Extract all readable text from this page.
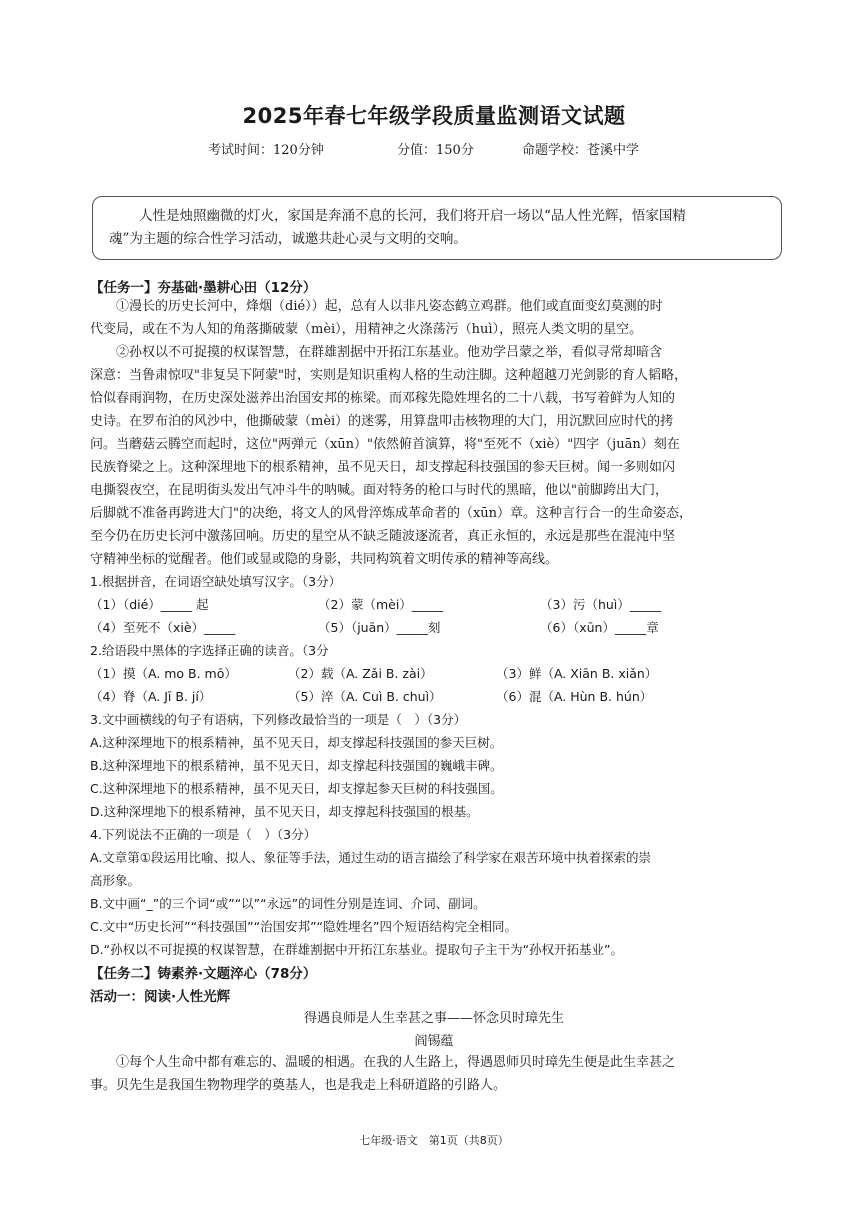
2025年春七年级学段质量监测语文试题
考试时间：120分钟	分值：150分	命题学校：苍溪中学

人性是烛照幽微的灯火，家国是奔涌不息的长河，我们将开启一场以“品人性光辉，悟家国精

魂”为主题的综合性学习活动，诚邀共赴心灵与文明的交响。

【任务一】夯基础·墨耕心田（12分）
①漫长的历史长河中，烽烟（dié））起，总有人以非凡姿态鹤立鸡群。他们或直面变幻莫测的时
代变局，或在不为人知的角落撕破蒙（mèi），用精神之火涤荡污（huì），照亮人类文明的星空。
②孙权以不可捉摸的权谋智慧，在群雄割据中开拓江东基业。他劝学吕蒙之举，看似寻常却暗含
深意：当鲁肃惊叹"非复吴下阿蒙"时，实则是知识重构人格的生动注脚。这种超越刀光剑影的育人韬略，
恰似春雨润物，在历史深处滋养出治国安邦的栋梁。而邓稼先隐姓埋名的二十八载，书写着鲜为人知的
史诗。在罗布泊的风沙中，他撕破蒙（mèi）的迷雾，用算盘叩击核物理的大门，用沉默回应时代的拷
问。当蘑菇云腾空而起时，这位"两弹元（xūn）"依然俯首演算，将"至死不（xiè）"四字（juān）刻在
民族脊梁之上。这种深埋地下的根系精神，虽不见天日，却支撑起科技强国的参天巨树。闻一多则如闪
电撕裂夜空，在昆明街头发出气冲斗牛的呐喊。面对特务的枪口与时代的黑暗，他以"前脚跨出大门，
后脚就不准备再跨进大门"的决绝，将文人的风骨淬炼成革命者的（xūn）章。这种言行合一的生命姿态，
至今仍在历史长河中激荡回响。历史的星空从不缺乏随波逐流者，真正永恒的，永远是那些在混沌中坚
守精神坐标的觉醒者。他们或显或隐的身影，共同构筑着文明传承的精神等高线。
1.根据拼音，在词语空缺处填写汉字。（3分）
（1）（dié）_____ 起	（2）蒙（mèi）_____	（3）污（huì）_____
（4）至死不（xiè）_____	（5）（juān）_____刻	（6）（xūn）_____章
2.给语段中黑体的字选择正确的读音。（3分
（1）摸（A. mo B. mō）	（2）载（A. Zǎi B. zài）	（3）鲜（A. Xiān B. xiǎn）
（4）脊（A. Jī B. jí）	（5）淬（A. Cuì B. chuì）	（6）混（A. Hùn B. hún）
3.文中画横线的句子有语病，下列修改最恰当的一项是（　）（3分）
A.这种深埋地下的根系精神，虽不见天日，却支撑起科技强国的参天巨树。
B.这种深埋地下的根系精神，虽不见天日，却支撑起科技强国的巍峨丰碑。
C.这种深埋地下的根系精神，虽不见天日，却支撑起参天巨树的科技强国。
D.这种深埋地下的根系精神，虽不见天日，却支撑起科技强国的根基。
4.下列说法不正确的一项是（　）（3分）
A.文章第①段运用比喻、拟人、象征等手法，通过生动的语言描绘了科学家在艰苦环境中执着探索的崇
高形象。
B.文中画“_”的三个词“或”“以”“永远”的词性分别是连词、介词、副词。
C.文中“历史长河”“科技强国”“治国安邦”“隐姓埋名”四个短语结构完全相同。
D.“孙权以不可捉摸的权谋智慧，在群雄割据中开拓江东基业。提取句子主干为“孙权开拓基业”。
【任务二】铸素养·文题淬心（78分）
活动一：阅读·人性光辉
得遇良师是人生幸甚之事——怀念贝时璋先生
阎锡蕴
①每个人生命中都有难忘的、温暖的相遇。在我的人生路上，得遇恩师贝时璋先生便是此生幸甚之
事。贝先生是我国生物物理学的奠基人，也是我走上科研道路的引路人。
七年级·语文　第1页（共8页）
